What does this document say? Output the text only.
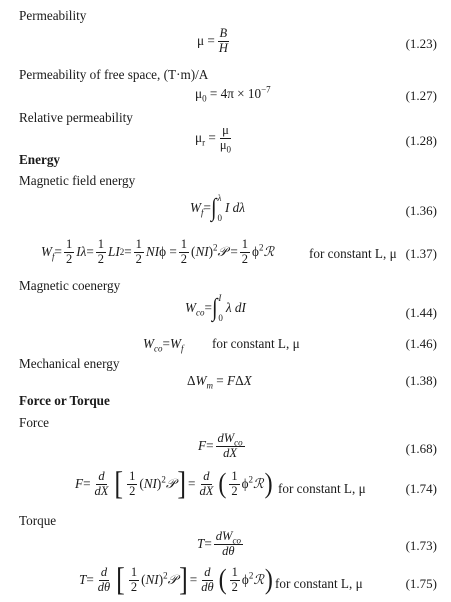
Permeability
$\mu = \frac{B}{H}$	(1.23)
Permeability of free space, (T·m)/A
$\mu_0 = 4\pi \times 10^{-7}$	(1.27)
Relative permeability
$\mu_r = \frac{\mu}{\mu_0}$	(1.28)
Energy
Magnetic field energy
$W_f$ = ∫ λ
0
I dλ	(1.36)
$W_f = \frac{1}{2}$ $I\lambda = \frac{1}{2}$ LI $2 = \frac{1}{2}$ NI $\phi = \frac{1}{2}$ (NI)$^2$𝒫 = $\frac{1}{2}$ $\phi^2ℛ$	for constant L, μ (1.37)
Magnetic coenergy
$W_{co}$ = ∫ I
0
λ dI	(1.44)
$W_{co} = W_f$ for constant L, μ	(1.46)
Mechanical energy
$\Delta W_m = F\Delta X$	(1.38)
Force or Torque
Force
$F = \frac{dW_{co}}{dX}$	(1.68)
$F = \frac{d}{dX}$ [ $\frac{1}{2}$ (NI)$^2$𝒫 ] = $\frac{d}{dX}$ ( $\frac{1}{2}$ $\phi^2ℛ$ ) for constant L, μ	(1.74)
Torque
$T = \frac{dW_{co}}{d\theta}$	(1.73)
$T = \frac{d}{d\theta}$ [ $\frac{1}{2}$ (NI)$^2$𝒫 ] = $\frac{d}{d\theta}$ ( $\frac{1}{2}$ $\phi^2ℛ$ ) for constant L, μ	(1.75)
